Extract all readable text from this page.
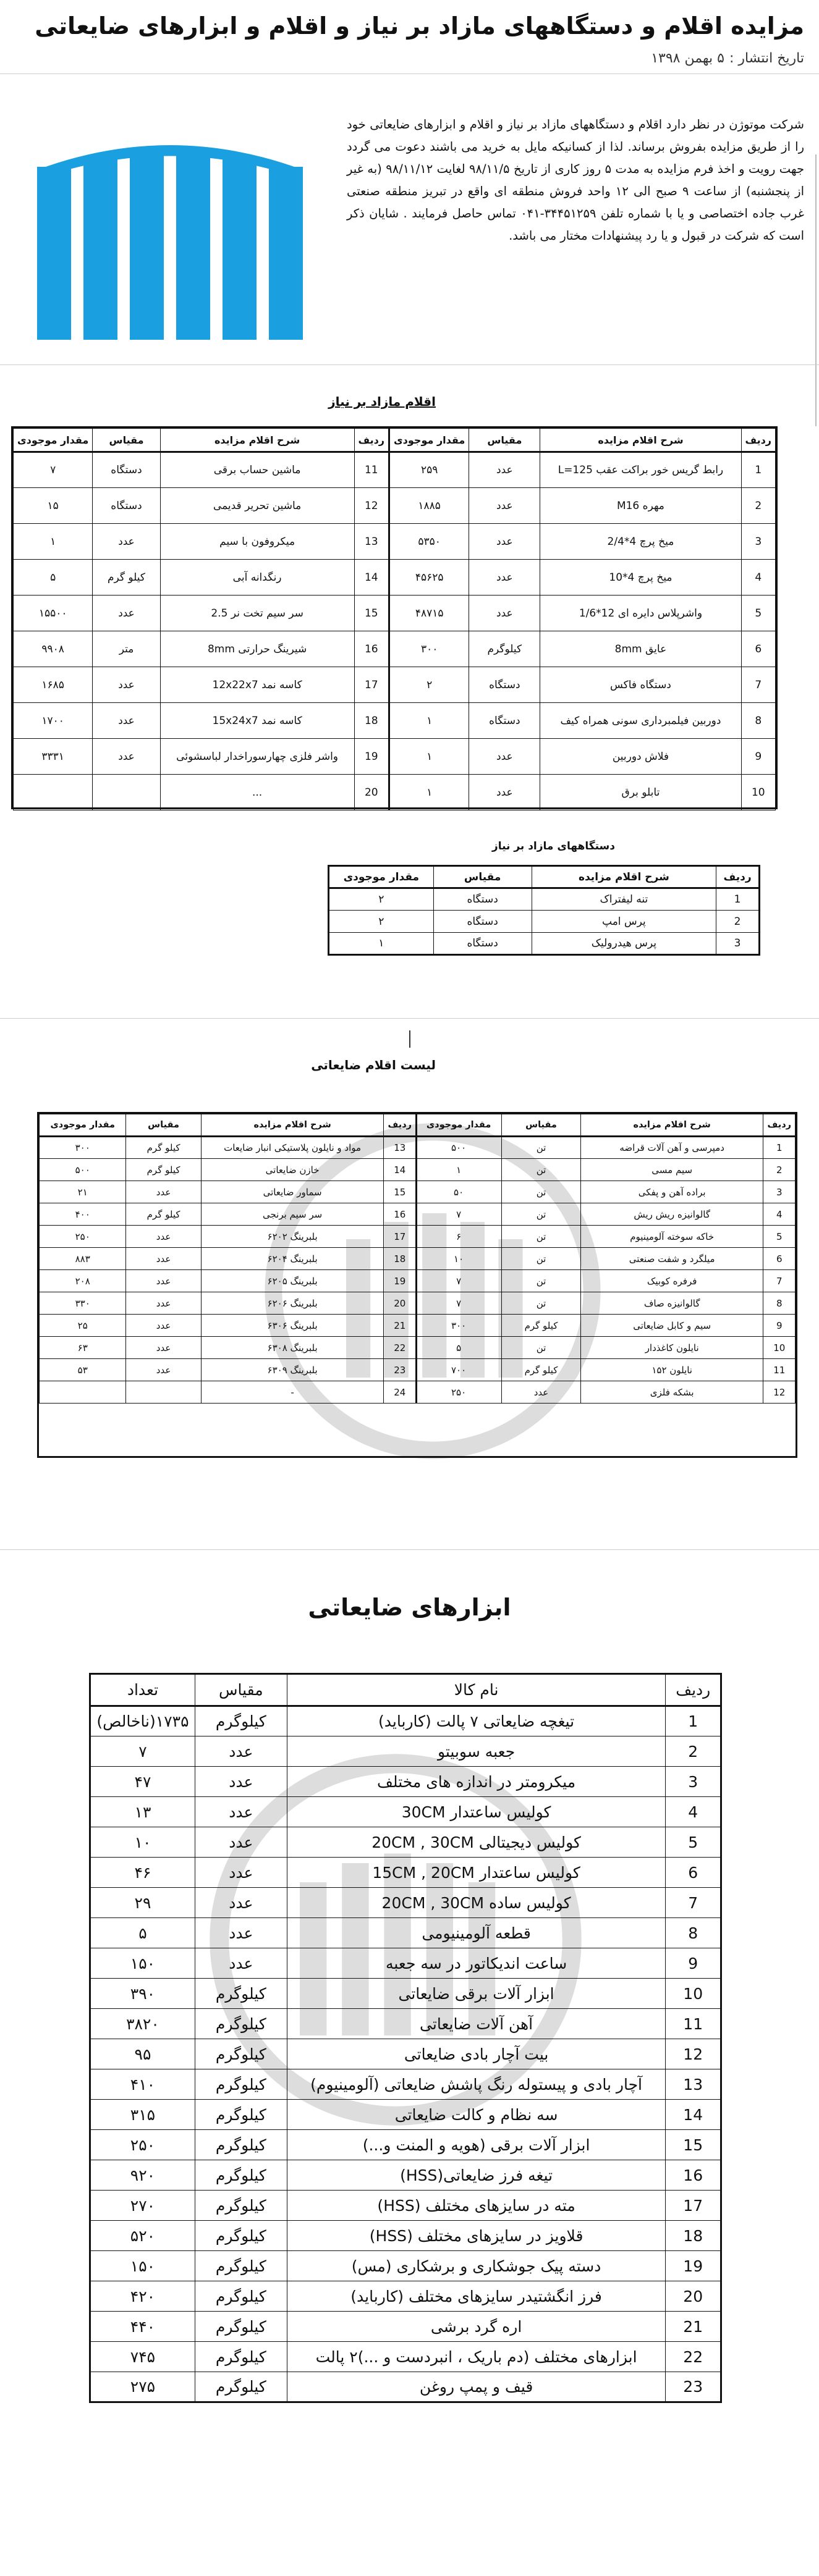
مزایده اقلام و دستگاههای مازاد بر نیاز و اقلام و ابزارهای ضایعاتی
تاریخ انتشار :۵ بهمن ۱۳۹۸
شرکت موتوژن در نظر دارد اقلام و دستگاههای مازاد بر نیاز و اقلام و ابزارهای ضایعاتی خود را از طریق مزایده بفروش برساند. لذا از کسانیکه مایل به خرید می باشند دعوت می گردد جهت رویت و اخذ فرم مزایده به مدت ۵ روز کاری از تاریخ ۹۸/۱۱/۵ لغایت ۹۸/۱۱/۱۲ (به غیر از پنجشنبه) از ساعت ۹ صبح الی ۱۲ واحد فروش منطقه ای واقع در تبریز منطقه صنعتی غرب جاده اختصاصی و یا با شماره تلفن ۳۴۴۵۱۲۵۹-۰۴۱ تماس حاصل فرمایند . شایان ذکر است که شرکت در قبول و یا رد پیشنهادات مختار می باشد.
اقلام مازاد بر نیاز
ردیف	شرح اقلام مزایده	مقیاس	مقدار موجودی
1	رابط گریس خور براکت عقب L=125	عدد	۲۵۹
2	مهره M16	عدد	۱۸۸۵
3	میخ پرچ 4*2/4	عدد	۵۳۵۰
4	میخ پرچ 4*10	عدد	۴۵۶۲۵
5	واشرپلاس دایره ای 12*1/6	عدد	۴۸۷۱۵
6	عایق 8mm	کیلوگرم	۳۰۰
7	دستگاه فاکس	دستگاه	۲
8	دوربین فیلمبرداری سونی همراه کیف	دستگاه	۱
9	فلاش دوربین	عدد	۱
10	تابلو برق	عدد	۱
ردیف	شرح اقلام مزایده	مقیاس	مقدار موجودی
11	ماشین حساب برقی	دستگاه	۷
12	ماشین تحریر قدیمی	دستگاه	۱۵
13	میکروفون با سیم	عدد	۱
14	رنگدانه آبی	کیلو گرم	۵
15	سر سیم تخت نر 2.5	عدد	۱۵۵۰۰
16	شیرینگ حرارتی 8mm	متر	۹۹۰۸
17	کاسه نمد 12x22x7	عدد	۱۶۸۵
18	کاسه نمد 15x24x7	عدد	۱۷۰۰
19	واشر فلزی چهارسوراخدار لباسشوئی	عدد	۳۳۳۱
20	...		
دستگاههای مازاد بر نیاز
ردیف	شرح اقلام مزایده	مقیاس	مقدار موجودی
1	تنه لیفتراک	دستگاه	۲
2	پرس امپ	دستگاه	۲
3	پرس هیدرولیک	دستگاه	۱
لیست اقلام ضایعاتی
ردیف	شرح اقلام مزایده	مقیاس	مقدار موجودی
1	دمپرسی و آهن آلات قراضه	تن	۵۰۰
2	سیم مسی	تن	۱
3	براده آهن و پفکی	تن	۵۰
4	گالوانیزه ریش ریش	تن	۷
5	خاکه سوخته آلومینیوم	تن	۶
6	میلگرد و شفت صنعتی	تن	۱۰
7	فرفره کوبیک	تن	۷
8	گالوانیزه صاف	تن	۷
9	سیم و کابل ضایعاتی	کیلو گرم	۳۰۰
10	نایلون کاغذدار	تن	۵
11	نایلون ۱۵۲	کیلو گرم	۷۰۰
12	بشکه فلزی	عدد	۲۵۰
ردیف	شرح اقلام مزایده	مقیاس	مقدار موجودی
13	مواد و نایلون پلاستیکی انبار ضایعات	کیلو گرم	۳۰۰
14	خازن ضایعاتی	کیلو گرم	۵۰۰
15	سماور ضایعاتی	عدد	۲۱
16	سر سیم برنجی	کیلو گرم	۴۰۰
17	بلبرینگ ۶۲۰۲	عدد	۲۵۰
18	بلبرینگ ۶۲۰۴	عدد	۸۸۳
19	بلبرینگ ۶۲۰۵	عدد	۲۰۸
20	بلبرینگ ۶۲۰۶	عدد	۳۳۰
21	بلبرینگ ۶۳۰۶	عدد	۲۵
22	بلبرینگ ۶۳۰۸	عدد	۶۳
23	بلبرینگ ۶۳۰۹	عدد	۵۳
24	-		
ابزارهای ضایعاتی
ردیف	نام کالا	مقیاس	تعداد
1	تیغچه ضایعاتی ۷ پالت (کارباید)	کیلوگرم	۱۷۳۵(ناخالص)
2	جعبه سوبیتو	عدد	۷
3	میکرومتر در اندازه های مختلف	عدد	۴۷
4	کولیس ساعتدار 30CM	عدد	۱۳
5	کولیس دیجیتالی 20CM , 30CM	عدد	۱۰
6	کولیس ساعتدار 15CM , 20CM	عدد	۴۶
7	کولیس ساده 20CM , 30CM	عدد	۲۹
8	قطعه آلومینیومی	عدد	۵
9	ساعت اندیکاتور در سه جعبه	عدد	۱۵۰
10	ابزار آلات برقی ضایعاتی	کیلوگرم	۳۹۰
11	آهن آلات ضایعاتی	کیلوگرم	۳۸۲۰
12	بیت آچار بادی ضایعاتی	کیلوگرم	۹۵
13	آچار بادی و پیستوله رنگ پاشش ضایعاتی (آلومینیوم)	کیلوگرم	۴۱۰
14	سه نظام و کالت ضایعاتی	کیلوگرم	۳۱۵
15	ابزار آلات برقی (هویه و المنت و...)	کیلوگرم	۲۵۰
16	تیغه فرز ضایعاتی(HSS)	کیلوگرم	۹۲۰
17	مته در سایزهای مختلف (HSS)	کیلوگرم	۲۷۰
18	قلاویز در سایزهای مختلف (HSS)	کیلوگرم	۵۲۰
19	دسته پیک جوشکاری و برشکاری (مس)	کیلوگرم	۱۵۰
20	فرز انگشتیدر سایزهای مختلف (کارباید)	کیلوگرم	۴۲۰
21	اره گرد برشی	کیلوگرم	۴۴۰
22	ابزارهای مختلف (دم باریک ، انبردست و ...)۲ پالت	کیلوگرم	۷۴۵
23	قیف و پمپ روغن	کیلوگرم	۲۷۵
